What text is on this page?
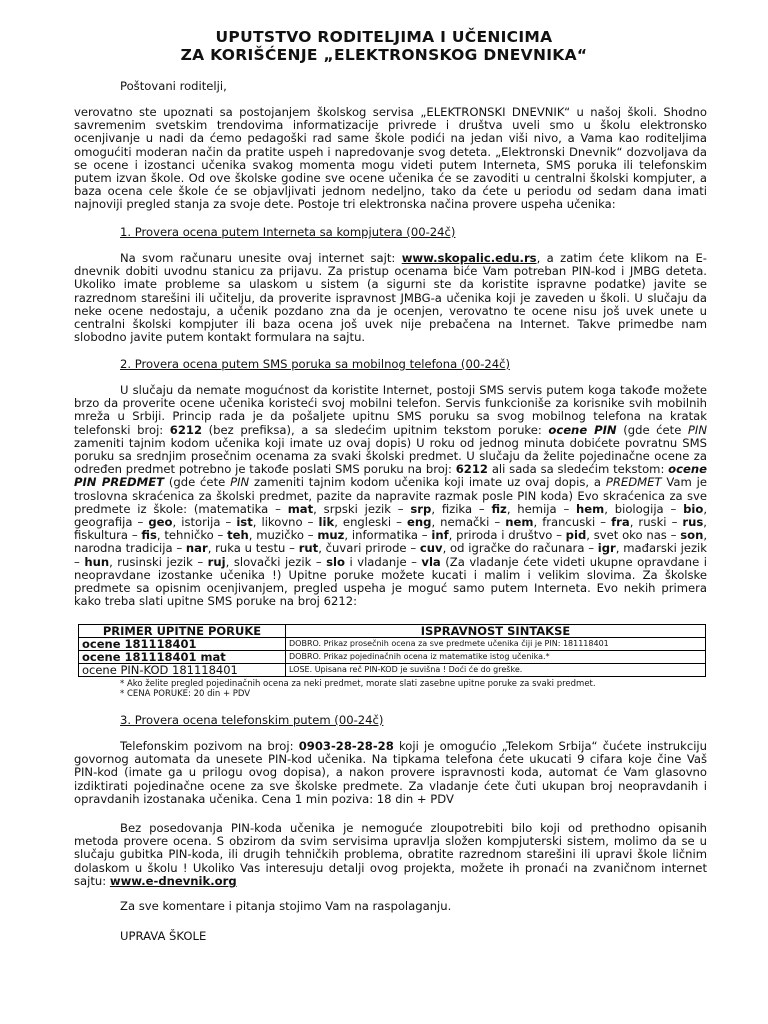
UPUTSTVO RODITELJIMA I UČENICIMA
ZA KORIŠĆENJE „ELEKTRONSKOG DNEVNIKA“
Poštovani roditelji,
verovatno ste upoznati sa postojanjem školskog servisa „ELEKTRONSKI DNEVNIK“ u našoj školi. Shodno savremenim svetskim trendovima informatizacije privrede i društva uveli smo u školu elektronsko ocenjivanje u nadi da ćemo pedagoški rad same škole podići na jedan viši nivo, a Vama kao roditeljima omogućiti moderan način da pratite uspeh i napredovanje svog deteta. „Elektronski Dnevnik“ dozvoljava da se ocene i izostanci učenika svakog momenta mogu videti putem Interneta, SMS poruka ili telefonskim putem izvan škole. Od ove školske godine sve ocene učenika će se zavoditi u centralni školski kompjuter, a baza ocena cele škole će se objavljivati jednom nedeljno, tako da ćete u periodu od sedam dana imati najnoviji pregled stanja za svoje dete. Postoje tri elektronska načina provere uspeha učenika:
1. Provera ocena putem Interneta sa kompjutera (00-24č)
Na svom računaru unesite ovaj internet sajt: www.skopalic.edu.rs, a zatim ćete klikom na E-dnevnik dobiti uvodnu stanicu za prijavu. Za pristup ocenama biće Vam potreban PIN-kod i JMBG deteta. Ukoliko imate probleme sa ulaskom u sistem (a sigurni ste da koristite ispravne podatke) javite se razrednom starešini ili učitelju, da proverite ispravnost JMBG-a učenika koji je zaveden u školi. U slučaju da neke ocene nedostaju, a učenik pozdano zna da je ocenjen, verovatno te ocene nisu još uvek unete u centralni školski kompjuter ili baza ocena još uvek nije prebačena na Internet. Takve primedbe nam slobodno javite putem kontakt formulara na sajtu.
2. Provera ocena putem SMS poruka sa mobilnog telefona (00-24č)
U slučaju da nemate mogućnost da koristite Internet, postoji SMS servis putem koga takođe možete brzo da proverite ocene učenika koristeći svoj mobilni telefon. Servis funkcioniše za korisnike svih mobilnih mreža u Srbiji. Princip rada je da pošaljete upitnu SMS poruku sa svog mobilnog telefona na kratak telefonski broj: 6212 (bez prefiksa), a sa sledećim upitnim tekstom poruke: ocene PIN (gde ćete PIN zameniti tajnim kodom učenika koji imate uz ovaj dopis) U roku od jednog minuta dobićete povratnu SMS poruku sa srednjim prosečnim ocenama za svaki školski predmet. U slučaju da želite pojedinačne ocene za određen predmet potrebno je takođe poslati SMS poruku na broj: 6212 ali sada sa sledećim tekstom: ocene PIN PREDMET (gde ćete PIN zameniti tajnim kodom učenika koji imate uz ovaj dopis, a PREDMET Vam je troslovna skraćenica za školski predmet, pazite da napravite razmak posle PIN koda) Evo skraćenica za sve predmete iz škole: (matematika – mat, srpski jezik – srp, fizika – fiz, hemija – hem, biologija – bio, geografija – geo, istorija – ist, likovno – lik, engleski – eng, nemački – nem, francuski – fra, ruski – rus, fiskultura – fis, tehničko – teh, muzičko – muz, informatika – inf, priroda i društvo – pid, svet oko nas – son, narodna tradicija – nar, ruka u testu – rut, čuvari prirode – cuv, od igračke do računara – igr, mađarski jezik – hun, rusinski jezik – ruj, slovački jezik – slo i vladanje – vla (Za vladanje ćete videti ukupne opravdane i neopravdane izostanke učenika !) Upitne poruke možete kucati i malim i velikim slovima. Za školske predmete sa opisnim ocenjivanjem, pregled uspeha je moguć samo putem Interneta. Evo nekih primera kako treba slati upitne SMS poruke na broj 6212:
PRIMER UPITNE PORUKE	ISPRAVNOST SINTAKSE
ocene 181118401	DOBRO. Prikaz prosečnih ocena za sve predmete učenika čiji je PIN: 181118401
ocene 181118401 mat	DOBRO. Prikaz pojedinačnih ocena iz matematike istog učenika.*
ocene PIN-KOD 181118401	LOSE. Upisana reč PIN-KOD je suvišna ! Doći će do greške.
* Ako želite pregled pojedinačnih ocena za neki predmet, morate slati zasebne upitne poruke za svaki predmet.
* CENA PORUKE: 20 din + PDV
3. Provera ocena telefonskim putem (00-24č)
Telefonskim pozivom na broj: 0903-28-28-28 koji je omogućio „Telekom Srbija“ čućete instrukciju govornog automata da unesete PIN-kod učenika. Na tipkama telefona ćete ukucati 9 cifara koje čine Vaš PIN-kod (imate ga u prilogu ovog dopisa), a nakon provere ispravnosti koda, automat će Vam glasovno izdiktirati pojedinačne ocene za sve školske predmete. Za vladanje ćete čuti ukupan broj neopravdanih i opravdanih izostanaka učenika. Cena 1 min poziva: 18 din + PDV
Bez posedovanja PIN-koda učenika je nemoguće zloupotrebiti bilo koji od prethodno opisanih metoda provere ocena. S obzirom da svim servisima upravlja složen kompjuterski sistem, molimo da se u slučaju gubitka PIN-koda, ili drugih tehničkih problema, obratite razrednom starešini ili upravi škole ličnim dolaskom u školu ! Ukoliko Vas interesuju detalji ovog projekta, možete ih pronaći na zvaničnom internet sajtu: www.e-dnevnik.org
Za sve komentare i pitanja stojimo Vam na raspolaganju.
UPRAVA ŠKOLE
